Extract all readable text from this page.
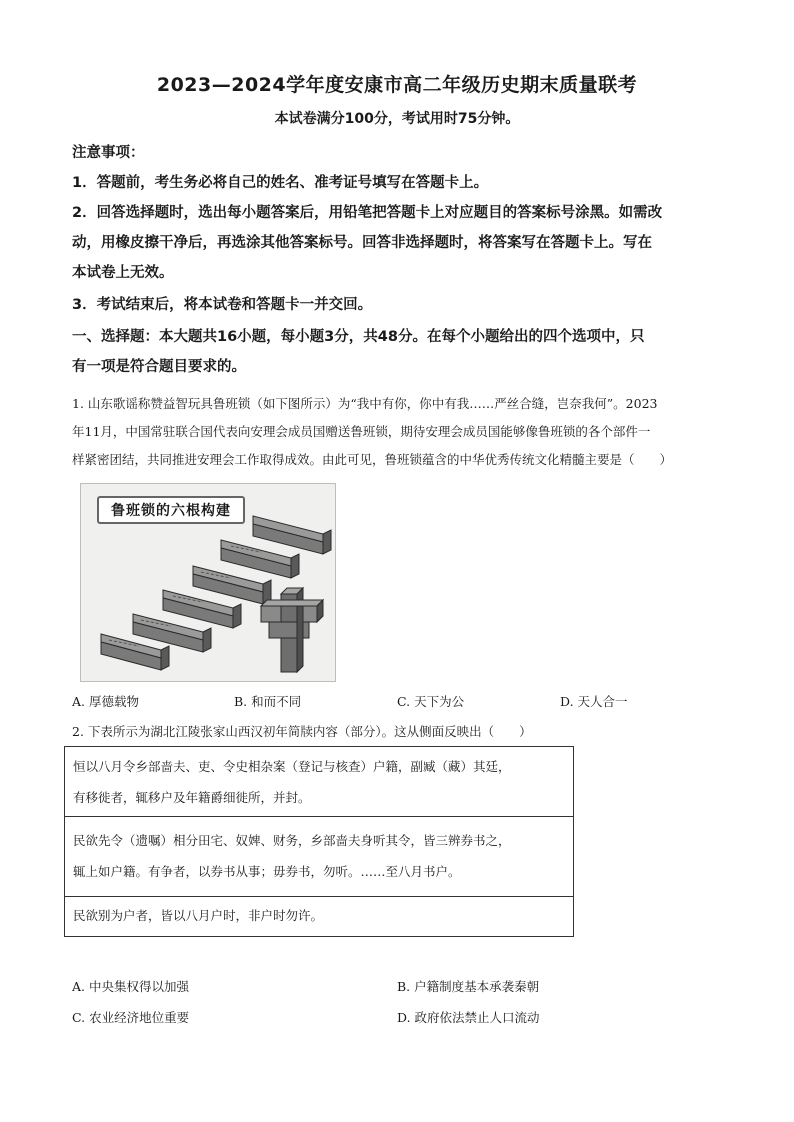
2023—2024学年度安康市高二年级历史期末质量联考
本试卷满分100分，考试用时75分钟。
注意事项：
1．答题前，考生务必将自己的姓名、准考证号填写在答题卡上。
2．回答选择题时，选出每小题答案后，用铅笔把答题卡上对应题目的答案标号涂黑。如需改
动，用橡皮擦干净后，再选涂其他答案标号。回答非选择题时，将答案写在答题卡上。写在
本试卷上无效。
3．考试结束后，将本试卷和答题卡一并交回。
一、选择题：本大题共16小题，每小题3分，共48分。在每个小题给出的四个选项中，只
有一项是符合题目要求的。
1. 山东歌谣称赞益智玩具鲁班锁（如下图所示）为“我中有你，你中有我……严丝合缝，岂奈我何”。2023
年11月，中国常驻联合国代表向安理会成员国赠送鲁班锁，期待安理会成员国能够像鲁班锁的各个部件一
样紧密团结，共同推进安理会工作取得成效。由此可见，鲁班锁蕴含的中华优秀传统文化精髓主要是（　　）
鲁班锁的六根构建
A. 厚德载物	B. 和而不同	C. 天下为公	D. 天人合一
2. 下表所示为湖北江陵张家山西汉初年简牍内容（部分）。这从侧面反映出（　　）
恒以八月令乡部啬夫、吏、令史相杂案（登记与核查）户籍，副臧（藏）其廷，
有移徙者，辄移户及年籍爵细徙所，并封。
民欲先令（遗嘱）相分田宅、奴婢、财务，乡部啬夫身听其令，皆三辨券书之，
辄上如户籍。有争者，以券书从事；毋券书，勿听。……至八月书户。
民欲别为户者，皆以八月户时，非户时勿许。
A. 中央集权得以加强	B. 户籍制度基本承袭秦朝
C. 农业经济地位重要	D. 政府依法禁止人口流动
